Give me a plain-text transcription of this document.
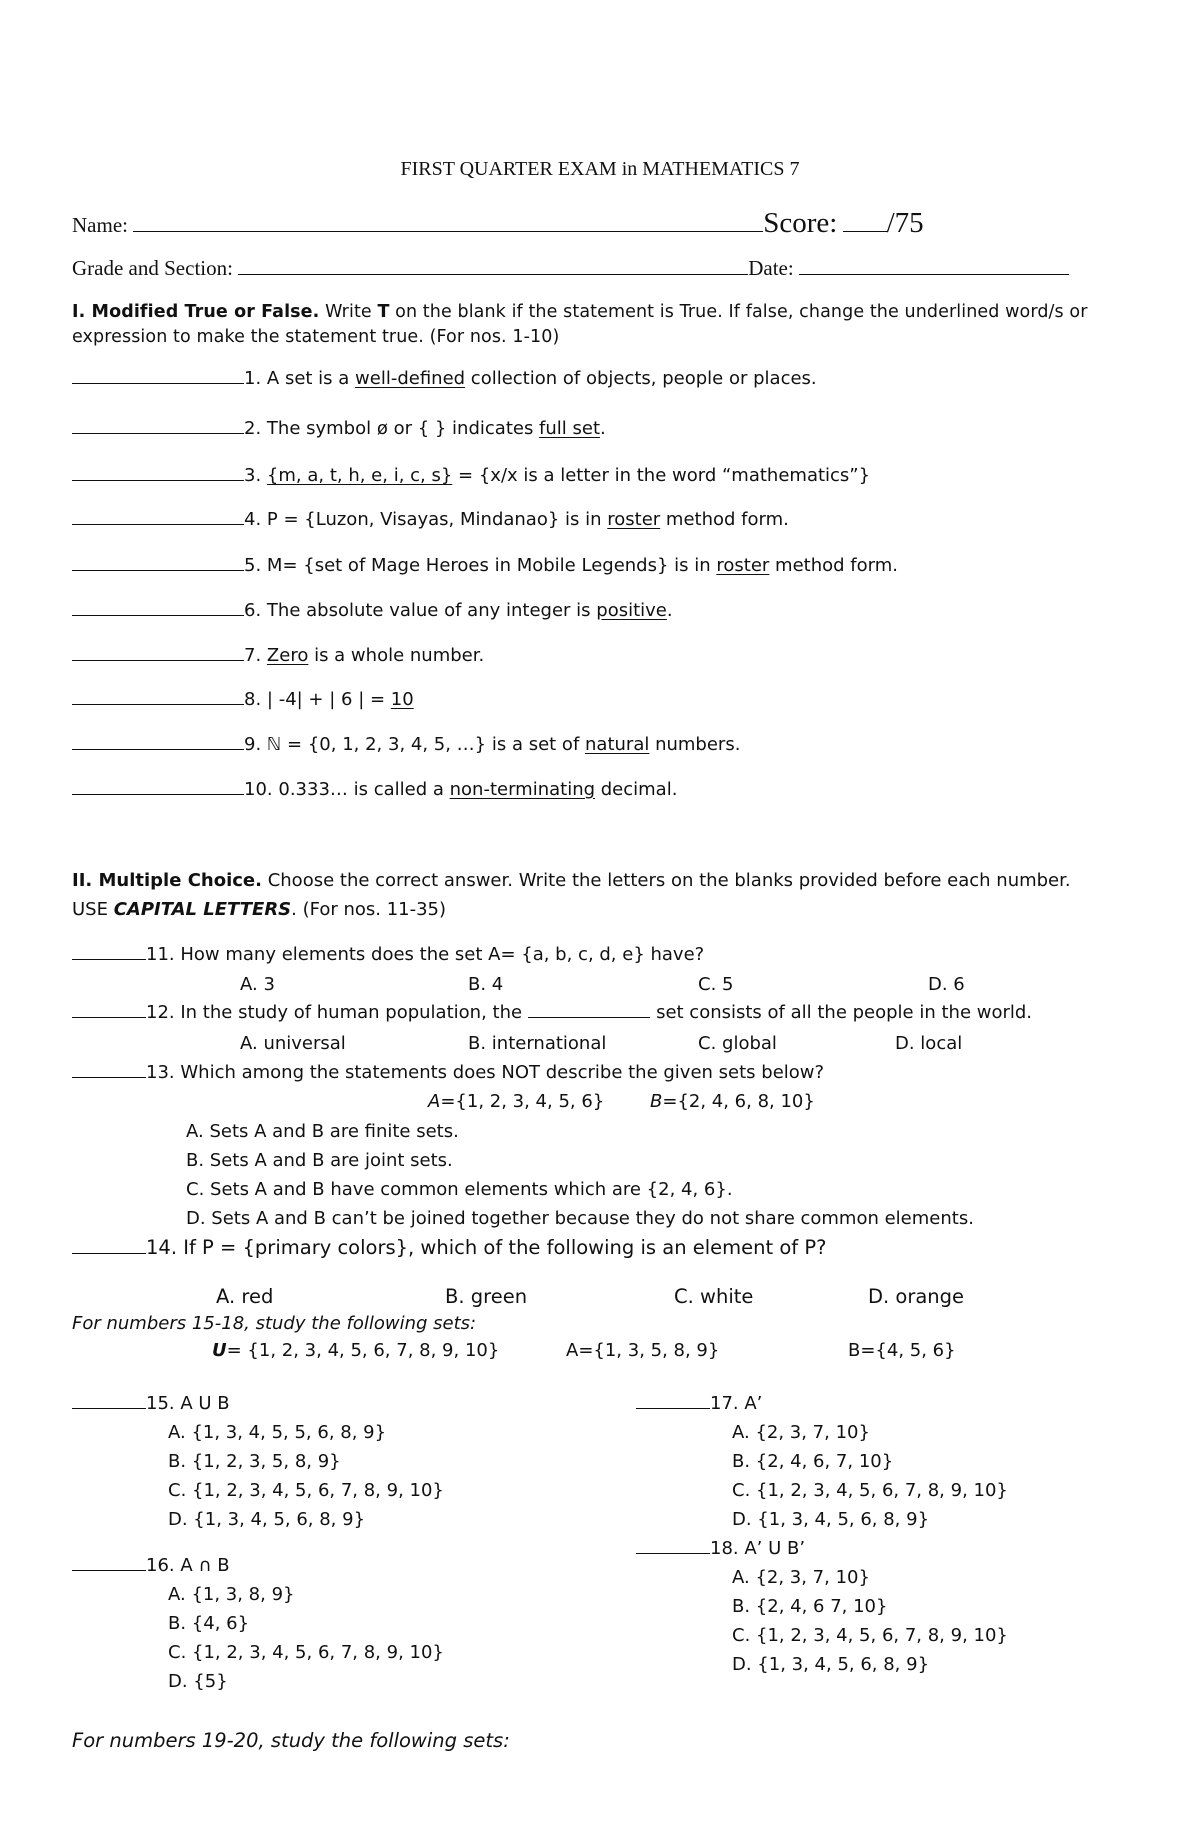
FIRST QUARTER EXAM in MATHEMATICS 7
Name:	Score: /75
Grade and Section:	Date:
I. Modified True or False. Write T on the blank if the statement is True. If false, change the underlined word/s or
expression to make the statement true. (For nos. 1-10)
1. A set is a well-defined collection of objects, people or places.
2. The symbol ø or { } indicates full set.
3. {m, a, t, h, e, i, c, s} = {x/x is a letter in the word “mathematics”}
4. P = {Luzon, Visayas, Mindanao} is in roster method form.
5. M= {set of Mage Heroes in Mobile Legends} is in roster method form.
6. The absolute value of any integer is positive.
7. Zero is a whole number.
8. | -4| + | 6 | = 10
9. ℕ = {0, 1, 2, 3, 4, 5, …} is a set of natural numbers.
10. 0.333… is called a non-terminating decimal.
II. Multiple Choice. Choose the correct answer. Write the letters on the blanks provided before each number.
USE CAPITAL LETTERS. (For nos. 11-35)
11. How many elements does the set A= {a, b, c, d, e} have?
A. 3	B. 4	C. 5	D. 6
12. In the study of human population, the	set consists of all the people in the world.
A. universal	B. international	C. global	D. local
13. Which among the statements does NOT describe the given sets below?
A={1, 2, 3, 4, 5, 6}	B={2, 4, 6, 8, 10}
A. Sets A and B are finite sets.
B. Sets A and B are joint sets.
C. Sets A and B have common elements which are {2, 4, 6}.
D. Sets A and B can’t be joined together because they do not share common elements.
14. If P = {primary colors}, which of the following is an element of P?
A. red	B. green	C. white	D. orange
For numbers 15-18, study the following sets:
U= {1, 2, 3, 4, 5, 6, 7, 8, 9, 10}	A={1, 3, 5, 8, 9}	B={4, 5, 6}
15. A U B
A. {1, 3, 4, 5, 5, 6, 8, 9}
B. {1, 2, 3, 5, 8, 9}
C. {1, 2, 3, 4, 5, 6, 7, 8, 9, 10}
D. {1, 3, 4, 5, 6, 8, 9}
16. A ∩ B
A. {1, 3, 8, 9}
B. {4, 6}
C. {1, 2, 3, 4, 5, 6, 7, 8, 9, 10}
D. {5}
17. A’
A. {2, 3, 7, 10}
B. {2, 4, 6, 7, 10}
C. {1, 2, 3, 4, 5, 6, 7, 8, 9, 10}
D. {1, 3, 4, 5, 6, 8, 9}
18. A’ U B’
A. {2, 3, 7, 10}
B. {2, 4, 6 7, 10}
C. {1, 2, 3, 4, 5, 6, 7, 8, 9, 10}
D. {1, 3, 4, 5, 6, 8, 9}
For numbers 19-20, study the following sets:
